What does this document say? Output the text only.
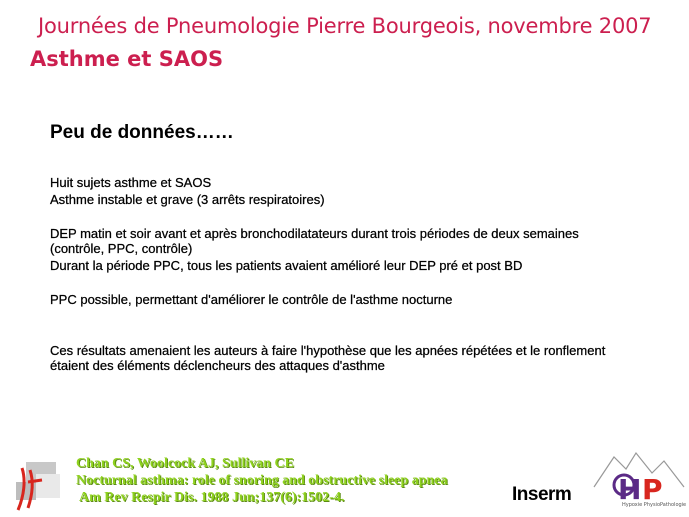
Journées de Pneumologie Pierre Bourgeois, novembre 2007
Asthme et SAOS
Peu de données……
Huit sujets asthme et SAOS
Asthme instable et grave (3 arrêts respiratoires)
DEP matin et soir avant et après bronchodilatateurs durant trois périodes de deux semaines (contrôle, PPC, contrôle)
Durant la période PPC, tous les patients avaient amélioré leur DEP pré et post BD
PPC possible, permettant d'améliorer le contrôle de l'asthme nocturne
Ces résultats amenaient les auteurs à faire l'hypothèse que les apnées répétées et le ronflement étaient des éléments déclencheurs des attaques d'asthme
Chan CS, Woolcock AJ, Sullivan CE
Nocturnal asthma: role of snoring and obstructive sleep apnea
Am Rev Respir Dis. 1988 Jun;137(6):1502-4.	Inserm H P
Hypoxie PhysioPathologie
